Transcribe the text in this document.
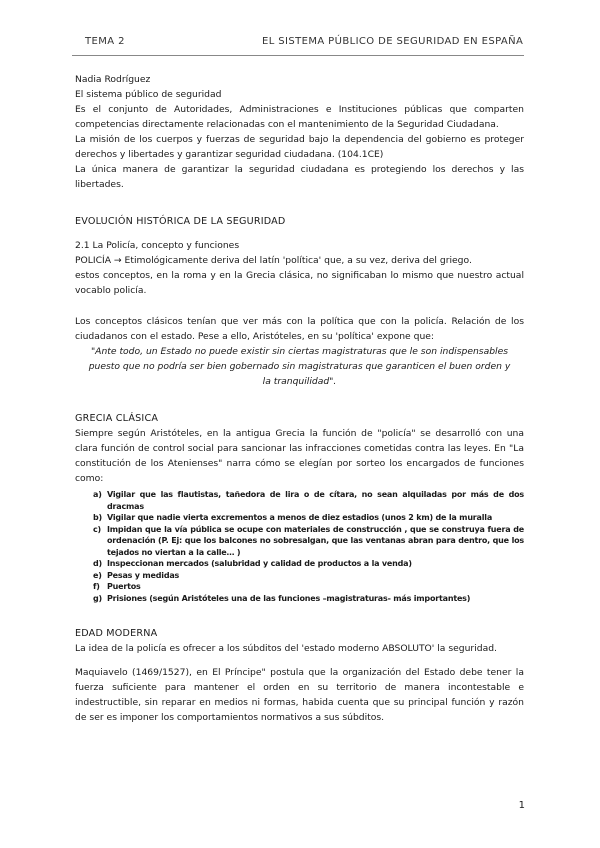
TEMA 2	EL SISTEMA PÚBLICO DE SEGURIDAD EN ESPAÑA

Nadia Rodríguez

El sistema público de seguridad

Es el conjunto de Autoridades, Administraciones e Instituciones públicas que comparten competencias directamente relacionadas con el mantenimiento de la Seguridad Ciudadana.

La misión de los cuerpos y fuerzas de seguridad bajo la dependencia del gobierno es proteger derechos y libertades y garantizar seguridad ciudadana. (104.1CE)

La única manera de garantizar la seguridad ciudadana es protegiendo los derechos y las libertades.

EVOLUCIÓN HISTÓRICA DE LA SEGURIDAD

2.1 La Policía, concepto y funciones

POLICÍA → Etimológicamente deriva del latín 'política' que, a su vez, deriva del griego.

estos conceptos, en la roma y en la Grecia clásica, no significaban lo mismo que nuestro actual vocablo policía.

Los conceptos clásicos tenían que ver más con la política que con la policía. Relación de los ciudadanos con el estado. Pese a ello, Aristóteles, en su 'política' expone que:

"Ante todo, un Estado no puede existir sin ciertas magistraturas que le son indispensables puesto que no podría ser bien gobernado sin magistraturas que garanticen el buen orden y la tranquilidad".

GRECIA CLÁSICA

Siempre según Aristóteles, en la antigua Grecia la función de "policía" se desarrolló con una clara función de control social para sancionar las infracciones cometidas contra las leyes. En "La constitución de los Atenienses" narra cómo se elegían por sorteo los encargados de funciones como:

a) Vigilar que las flautistas, tañedora de lira o de cítara, no sean alquiladas por más de dos dracmas
b) Vigilar que nadie vierta excrementos a menos de diez estadios (unos 2 km) de la muralla
c) Impidan que la vía pública se ocupe con materiales de construcción , que se construya fuera de ordenación (P. Ej: que los balcones no sobresalgan, que las ventanas abran para dentro, que los tejados no viertan a la calle… )
d) Inspeccionan mercados (salubridad y calidad de productos a la venda)
e) Pesas y medidas
f) Puertos
g) Prisiones (según Aristóteles una de las funciones –magistraturas- más importantes)

EDAD MODERNA

La idea de la policía es ofrecer a los súbditos del 'estado moderno ABSOLUTO' la seguridad.

Maquiavelo (1469/1527), en El Príncipe" postula que la organización del Estado debe tener la fuerza suficiente para mantener el orden en su territorio de manera incontestable e indestructible, sin reparar en medios ni formas, habida cuenta que su principal función y razón de ser es imponer los comportamientos normativos a sus súbditos.

1
